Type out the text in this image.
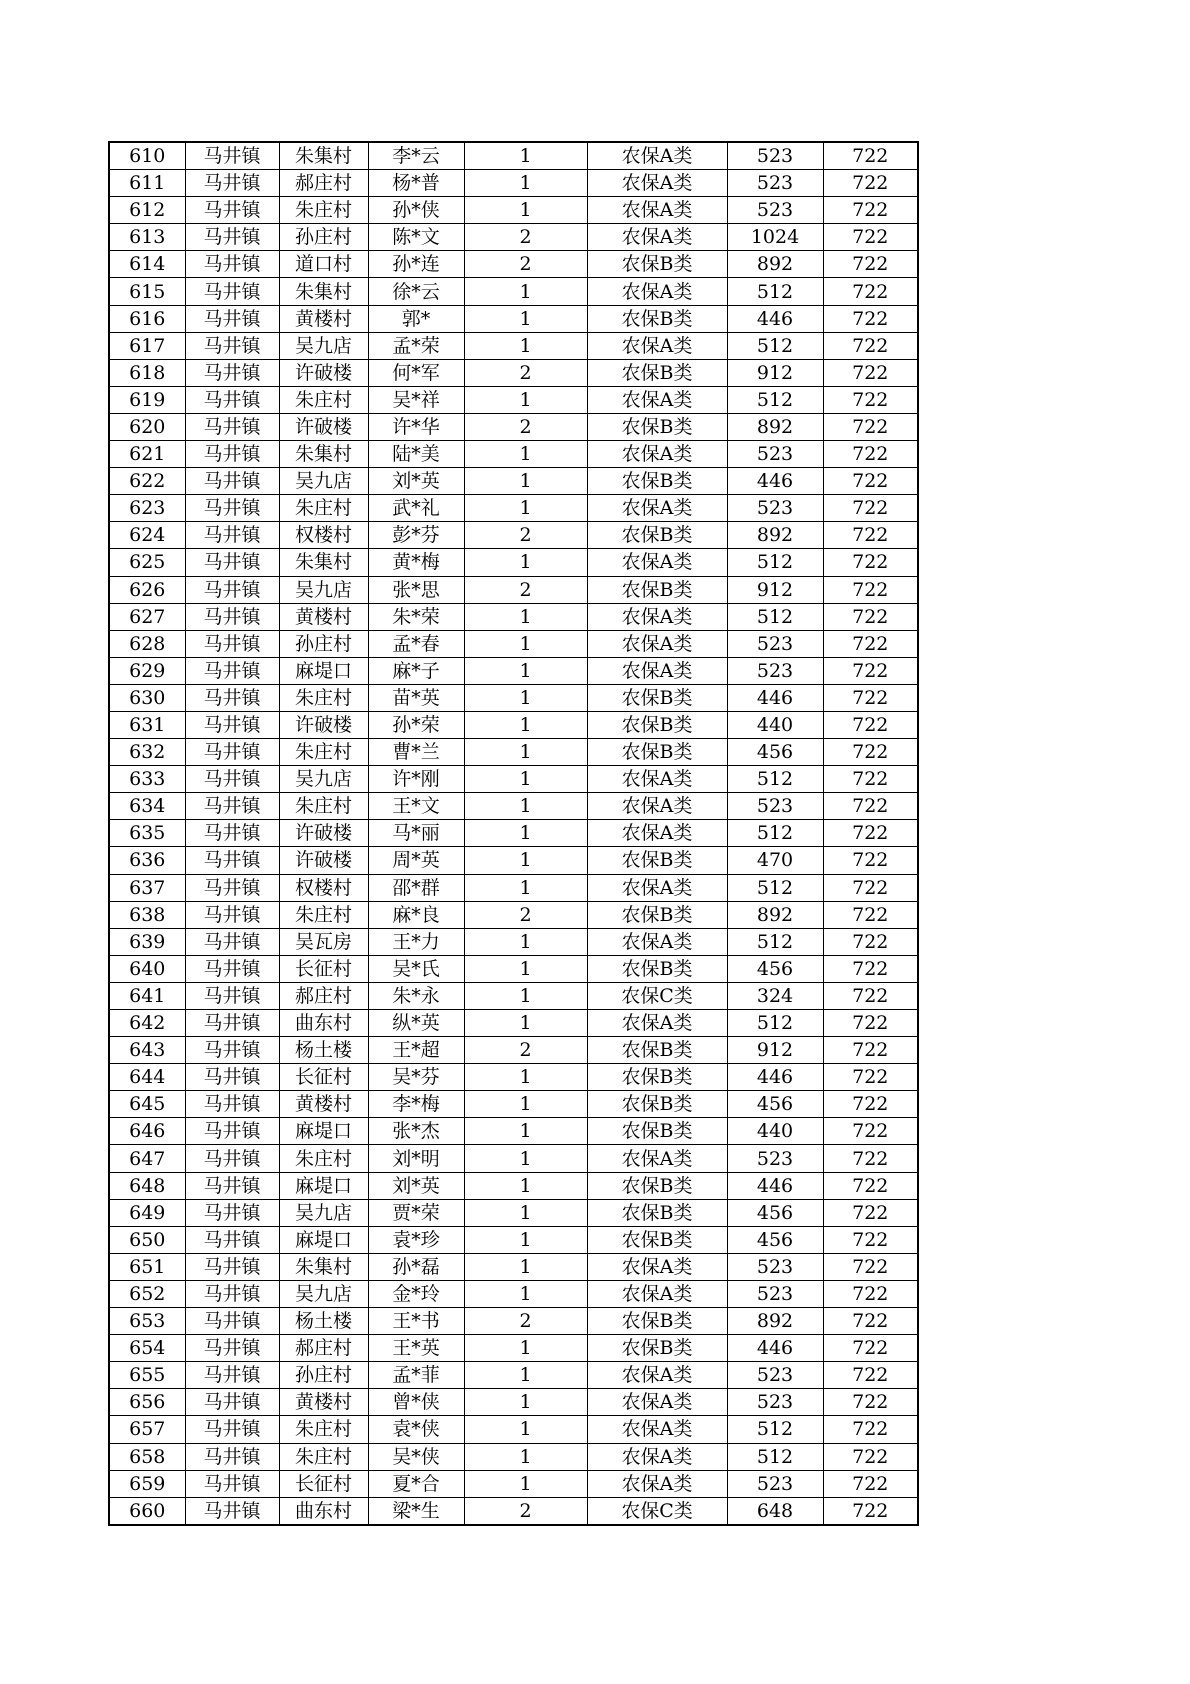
610	马井镇	朱集村	李*云	1	农保A类	523	722
611	马井镇	郝庄村	杨*普	1	农保A类	523	722
612	马井镇	朱庄村	孙*侠	1	农保A类	523	722
613	马井镇	孙庄村	陈*文	2	农保A类	1024	722
614	马井镇	道口村	孙*连	2	农保B类	892	722
615	马井镇	朱集村	徐*云	1	农保A类	512	722
616	马井镇	黄楼村	郭*	1	农保B类	446	722
617	马井镇	吴九店	孟*荣	1	农保A类	512	722
618	马井镇	许破楼	何*军	2	农保B类	912	722
619	马井镇	朱庄村	吴*祥	1	农保A类	512	722
620	马井镇	许破楼	许*华	2	农保B类	892	722
621	马井镇	朱集村	陆*美	1	农保A类	523	722
622	马井镇	吴九店	刘*英	1	农保B类	446	722
623	马井镇	朱庄村	武*礼	1	农保A类	523	722
624	马井镇	权楼村	彭*芬	2	农保B类	892	722
625	马井镇	朱集村	黄*梅	1	农保A类	512	722
626	马井镇	吴九店	张*思	2	农保B类	912	722
627	马井镇	黄楼村	朱*荣	1	农保A类	512	722
628	马井镇	孙庄村	孟*春	1	农保A类	523	722
629	马井镇	麻堤口	麻*子	1	农保A类	523	722
630	马井镇	朱庄村	苗*英	1	农保B类	446	722
631	马井镇	许破楼	孙*荣	1	农保B类	440	722
632	马井镇	朱庄村	曹*兰	1	农保B类	456	722
633	马井镇	吴九店	许*刚	1	农保A类	512	722
634	马井镇	朱庄村	王*文	1	农保A类	523	722
635	马井镇	许破楼	马*丽	1	农保A类	512	722
636	马井镇	许破楼	周*英	1	农保B类	470	722
637	马井镇	权楼村	邵*群	1	农保A类	512	722
638	马井镇	朱庄村	麻*良	2	农保B类	892	722
639	马井镇	吴瓦房	王*力	1	农保A类	512	722
640	马井镇	长征村	吴*氏	1	农保B类	456	722
641	马井镇	郝庄村	朱*永	1	农保C类	324	722
642	马井镇	曲东村	纵*英	1	农保A类	512	722
643	马井镇	杨土楼	王*超	2	农保B类	912	722
644	马井镇	长征村	吴*芬	1	农保B类	446	722
645	马井镇	黄楼村	李*梅	1	农保B类	456	722
646	马井镇	麻堤口	张*杰	1	农保B类	440	722
647	马井镇	朱庄村	刘*明	1	农保A类	523	722
648	马井镇	麻堤口	刘*英	1	农保B类	446	722
649	马井镇	吴九店	贾*荣	1	农保B类	456	722
650	马井镇	麻堤口	袁*珍	1	农保B类	456	722
651	马井镇	朱集村	孙*磊	1	农保A类	523	722
652	马井镇	吴九店	金*玲	1	农保A类	523	722
653	马井镇	杨土楼	王*书	2	农保B类	892	722
654	马井镇	郝庄村	王*英	1	农保B类	446	722
655	马井镇	孙庄村	孟*菲	1	农保A类	523	722
656	马井镇	黄楼村	曾*侠	1	农保A类	523	722
657	马井镇	朱庄村	袁*侠	1	农保A类	512	722
658	马井镇	朱庄村	吴*侠	1	农保A类	512	722
659	马井镇	长征村	夏*合	1	农保A类	523	722
660	马井镇	曲东村	梁*生	2	农保C类	648	722
